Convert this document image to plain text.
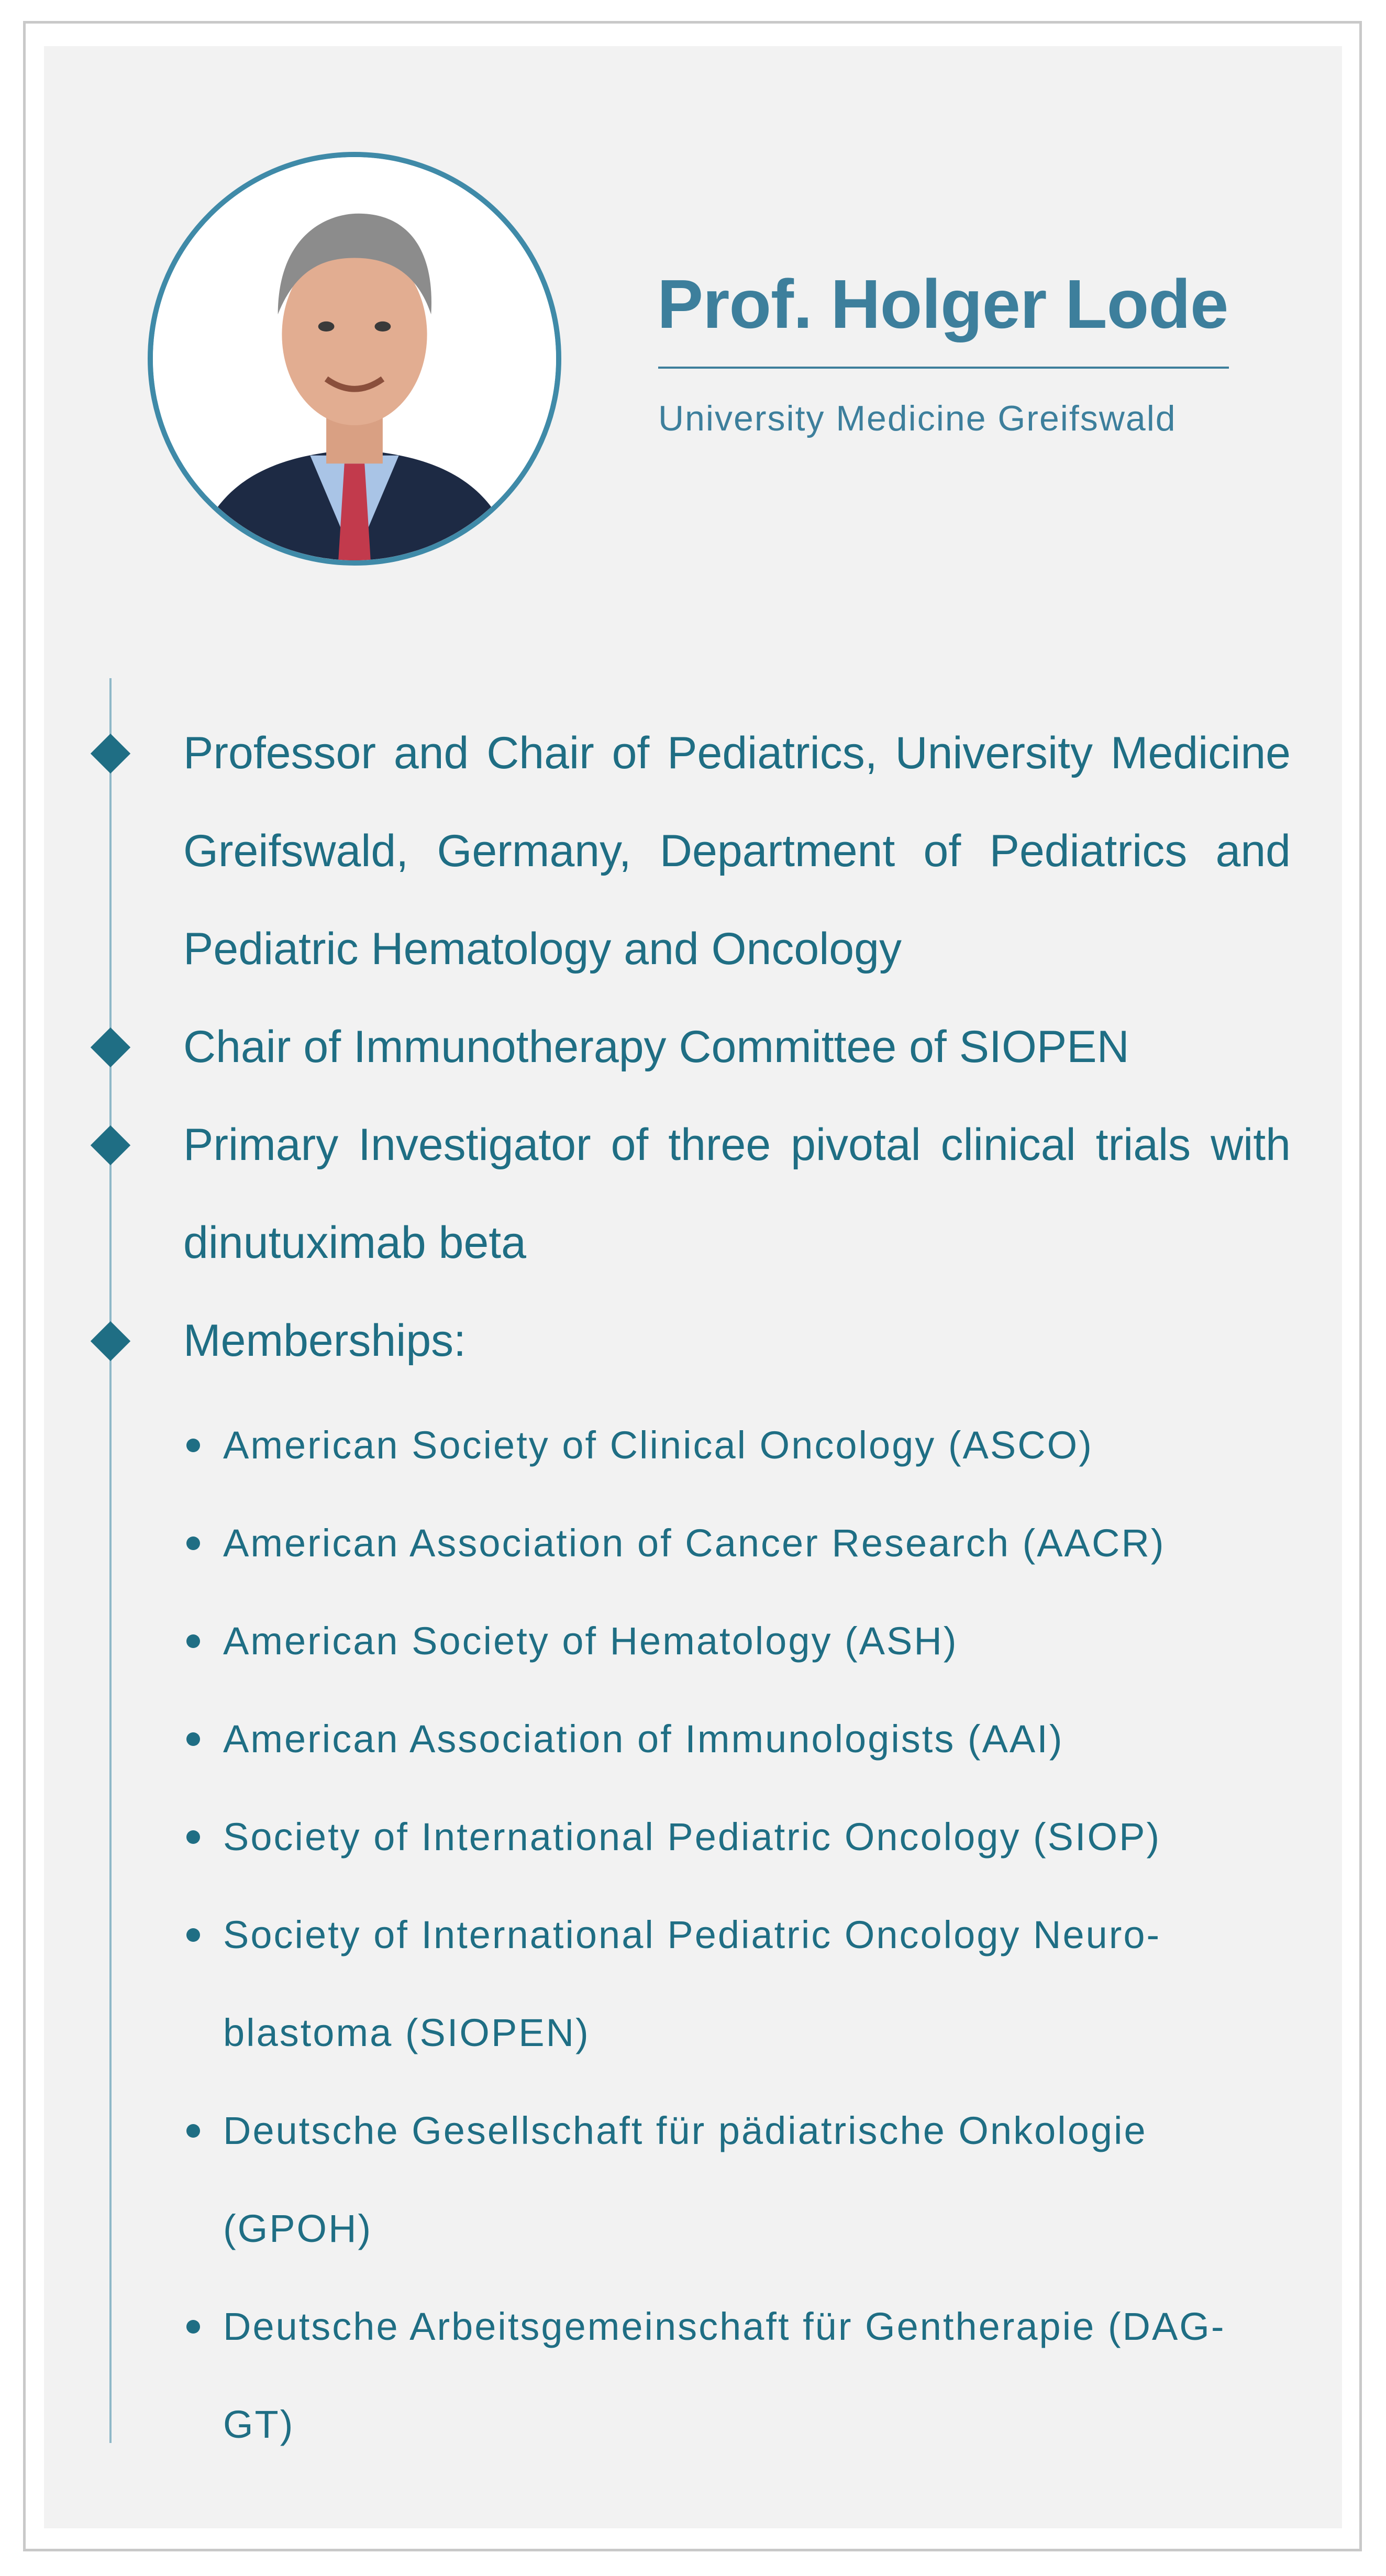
Prof. Holger Lode
University Medicine Greifswald
Professor and Chair of Pediatrics, University Medicine Greifswald, Germany, Department of Pediatrics and Pediatric Hematology and Oncology
Chair of Immunotherapy Committee of SIOPEN
Primary Investigator of three pivotal clinical trials with dinutuximab beta
Memberships:
American Society of Clinical Oncology (ASCO)
American Association of Cancer Research (AACR)
American Society of Hematology (ASH)
American Association of Immunologists (AAI)
Society of International Pediatric Oncology (SIOP)
Society of International Pediatric Oncology Neuro-blastoma (SIOPEN)
Deutsche Gesellschaft für pädiatrische Onkologie (GPOH)
Deutsche Arbeitsgemeinschaft für Gentherapie (DAG-GT)
